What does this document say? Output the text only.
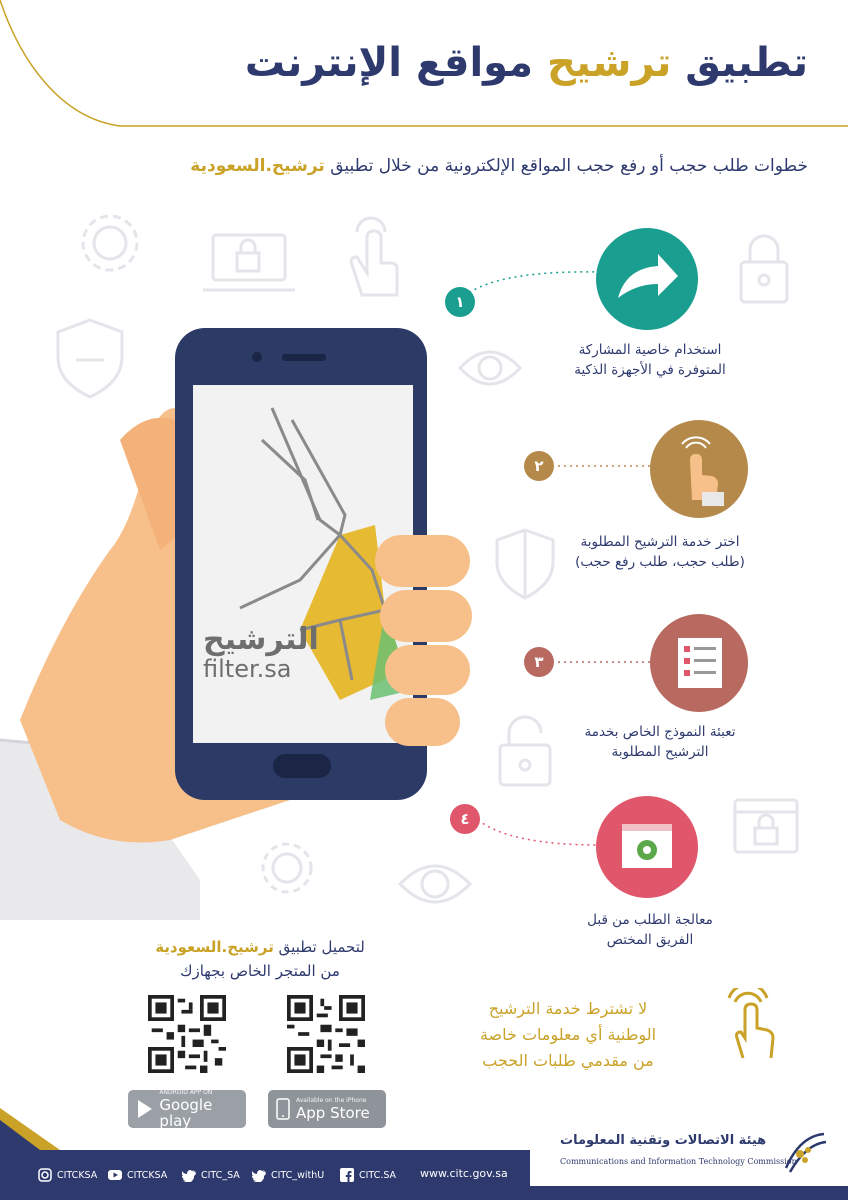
تطبيق ترشيح مواقع الإنترنت
خطوات طلب حجب أو رفع حجب المواقع الإلكترونية من خلال تطبيق ترشيح.السعودية
الترشيح
filter.sa
١
استخدام خاصية المشاركة
المتوفرة في الأجهزة الذكية
٢
اختر خدمة الترشيح المطلوبة
(طلب حجب، طلب رفع حجب)
٣
تعبئة النموذج الخاص بخدمة
الترشيح المطلوبة
٤
معالجة الطلب من قبل
الفريق المختص
لتحميل تطبيق ترشيح.السعودية
من المتجر الخاص بجهازك
ANDROID APP ON
Google play
Available on the iPhone
App Store
لا تشترط خدمة الترشيح
الوطنية أي معلومات خاصة
من مقدمي طلبات الحجب
CITCKSA	CITCKSA	CITC_SA	CITC_withU	CITC.SA www.citc.gov.sa
هيئة الاتصالات وتقنية المعلومات
Communications and Information Technology Commission
